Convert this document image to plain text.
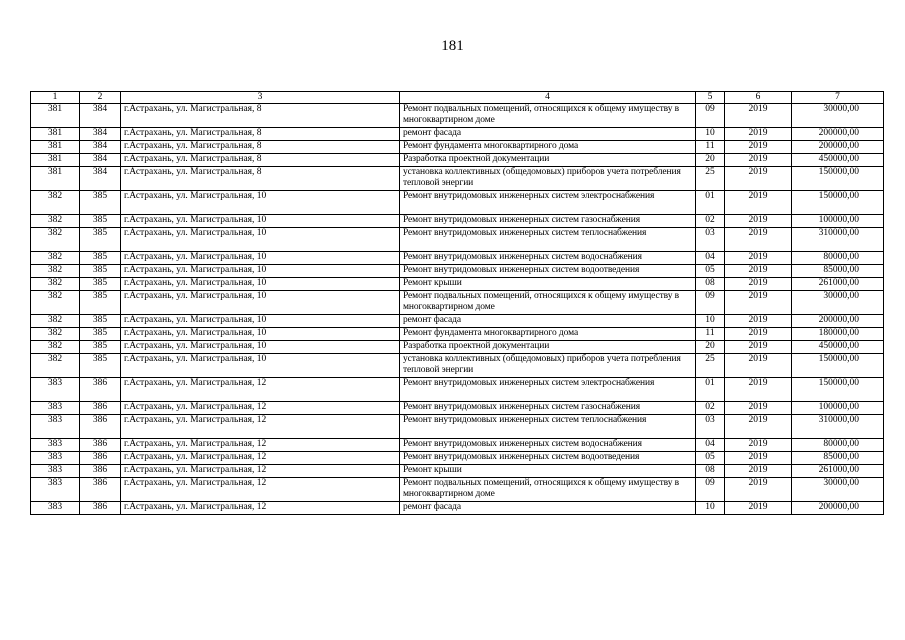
181
1	2	3	4	5	6	7
381	384	г.Астрахань, ул. Магистральная, 8	Ремонт подвальных помещений, относящихся к общему имуществу в многоквартирном доме	09	2019	30000,00
381	384	г.Астрахань, ул. Магистральная, 8	ремонт фасада	10	2019	200000,00
381	384	г.Астрахань, ул. Магистральная, 8	Ремонт фундамента многоквартирного дома	11	2019	200000,00
381	384	г.Астрахань, ул. Магистральная, 8	Разработка проектной документации	20	2019	450000,00
381	384	г.Астрахань, ул. Магистральная, 8	установка коллективных (общедомовых) приборов учета потребления тепловой энергии	25	2019	150000,00
382	385	г.Астрахань, ул. Магистральная, 10	Ремонт внутридомовых инженерных систем электроснабжения	01	2019	150000,00
382	385	г.Астрахань, ул. Магистральная, 10	Ремонт внутридомовых инженерных систем газоснабжения	02	2019	100000,00
382	385	г.Астрахань, ул. Магистральная, 10	Ремонт внутридомовых инженерных систем теплоснабжения	03	2019	310000,00
382	385	г.Астрахань, ул. Магистральная, 10	Ремонт внутридомовых инженерных систем водоснабжения	04	2019	80000,00
382	385	г.Астрахань, ул. Магистральная, 10	Ремонт внутридомовых инженерных систем водоотведения	05	2019	85000,00
382	385	г.Астрахань, ул. Магистральная, 10	Ремонт крыши	08	2019	261000,00
382	385	г.Астрахань, ул. Магистральная, 10	Ремонт подвальных помещений, относящихся к общему имуществу в многоквартирном доме	09	2019	30000,00
382	385	г.Астрахань, ул. Магистральная, 10	ремонт фасада	10	2019	200000,00
382	385	г.Астрахань, ул. Магистральная, 10	Ремонт фундамента многоквартирного дома	11	2019	180000,00
382	385	г.Астрахань, ул. Магистральная, 10	Разработка проектной документации	20	2019	450000,00
382	385	г.Астрахань, ул. Магистральная, 10	установка коллективных (общедомовых) приборов учета потребления тепловой энергии	25	2019	150000,00
383	386	г.Астрахань, ул. Магистральная, 12	Ремонт внутридомовых инженерных систем электроснабжения	01	2019	150000,00
383	386	г.Астрахань, ул. Магистральная, 12	Ремонт внутридомовых инженерных систем газоснабжения	02	2019	100000,00
383	386	г.Астрахань, ул. Магистральная, 12	Ремонт внутридомовых инженерных систем теплоснабжения	03	2019	310000,00
383	386	г.Астрахань, ул. Магистральная, 12	Ремонт внутридомовых инженерных систем водоснабжения	04	2019	80000,00
383	386	г.Астрахань, ул. Магистральная, 12	Ремонт внутридомовых инженерных систем водоотведения	05	2019	85000,00
383	386	г.Астрахань, ул. Магистральная, 12	Ремонт крыши	08	2019	261000,00
383	386	г.Астрахань, ул. Магистральная, 12	Ремонт подвальных помещений, относящихся к общему имуществу в многоквартирном доме	09	2019	30000,00
383	386	г.Астрахань, ул. Магистральная, 12	ремонт фасада	10	2019	200000,00
